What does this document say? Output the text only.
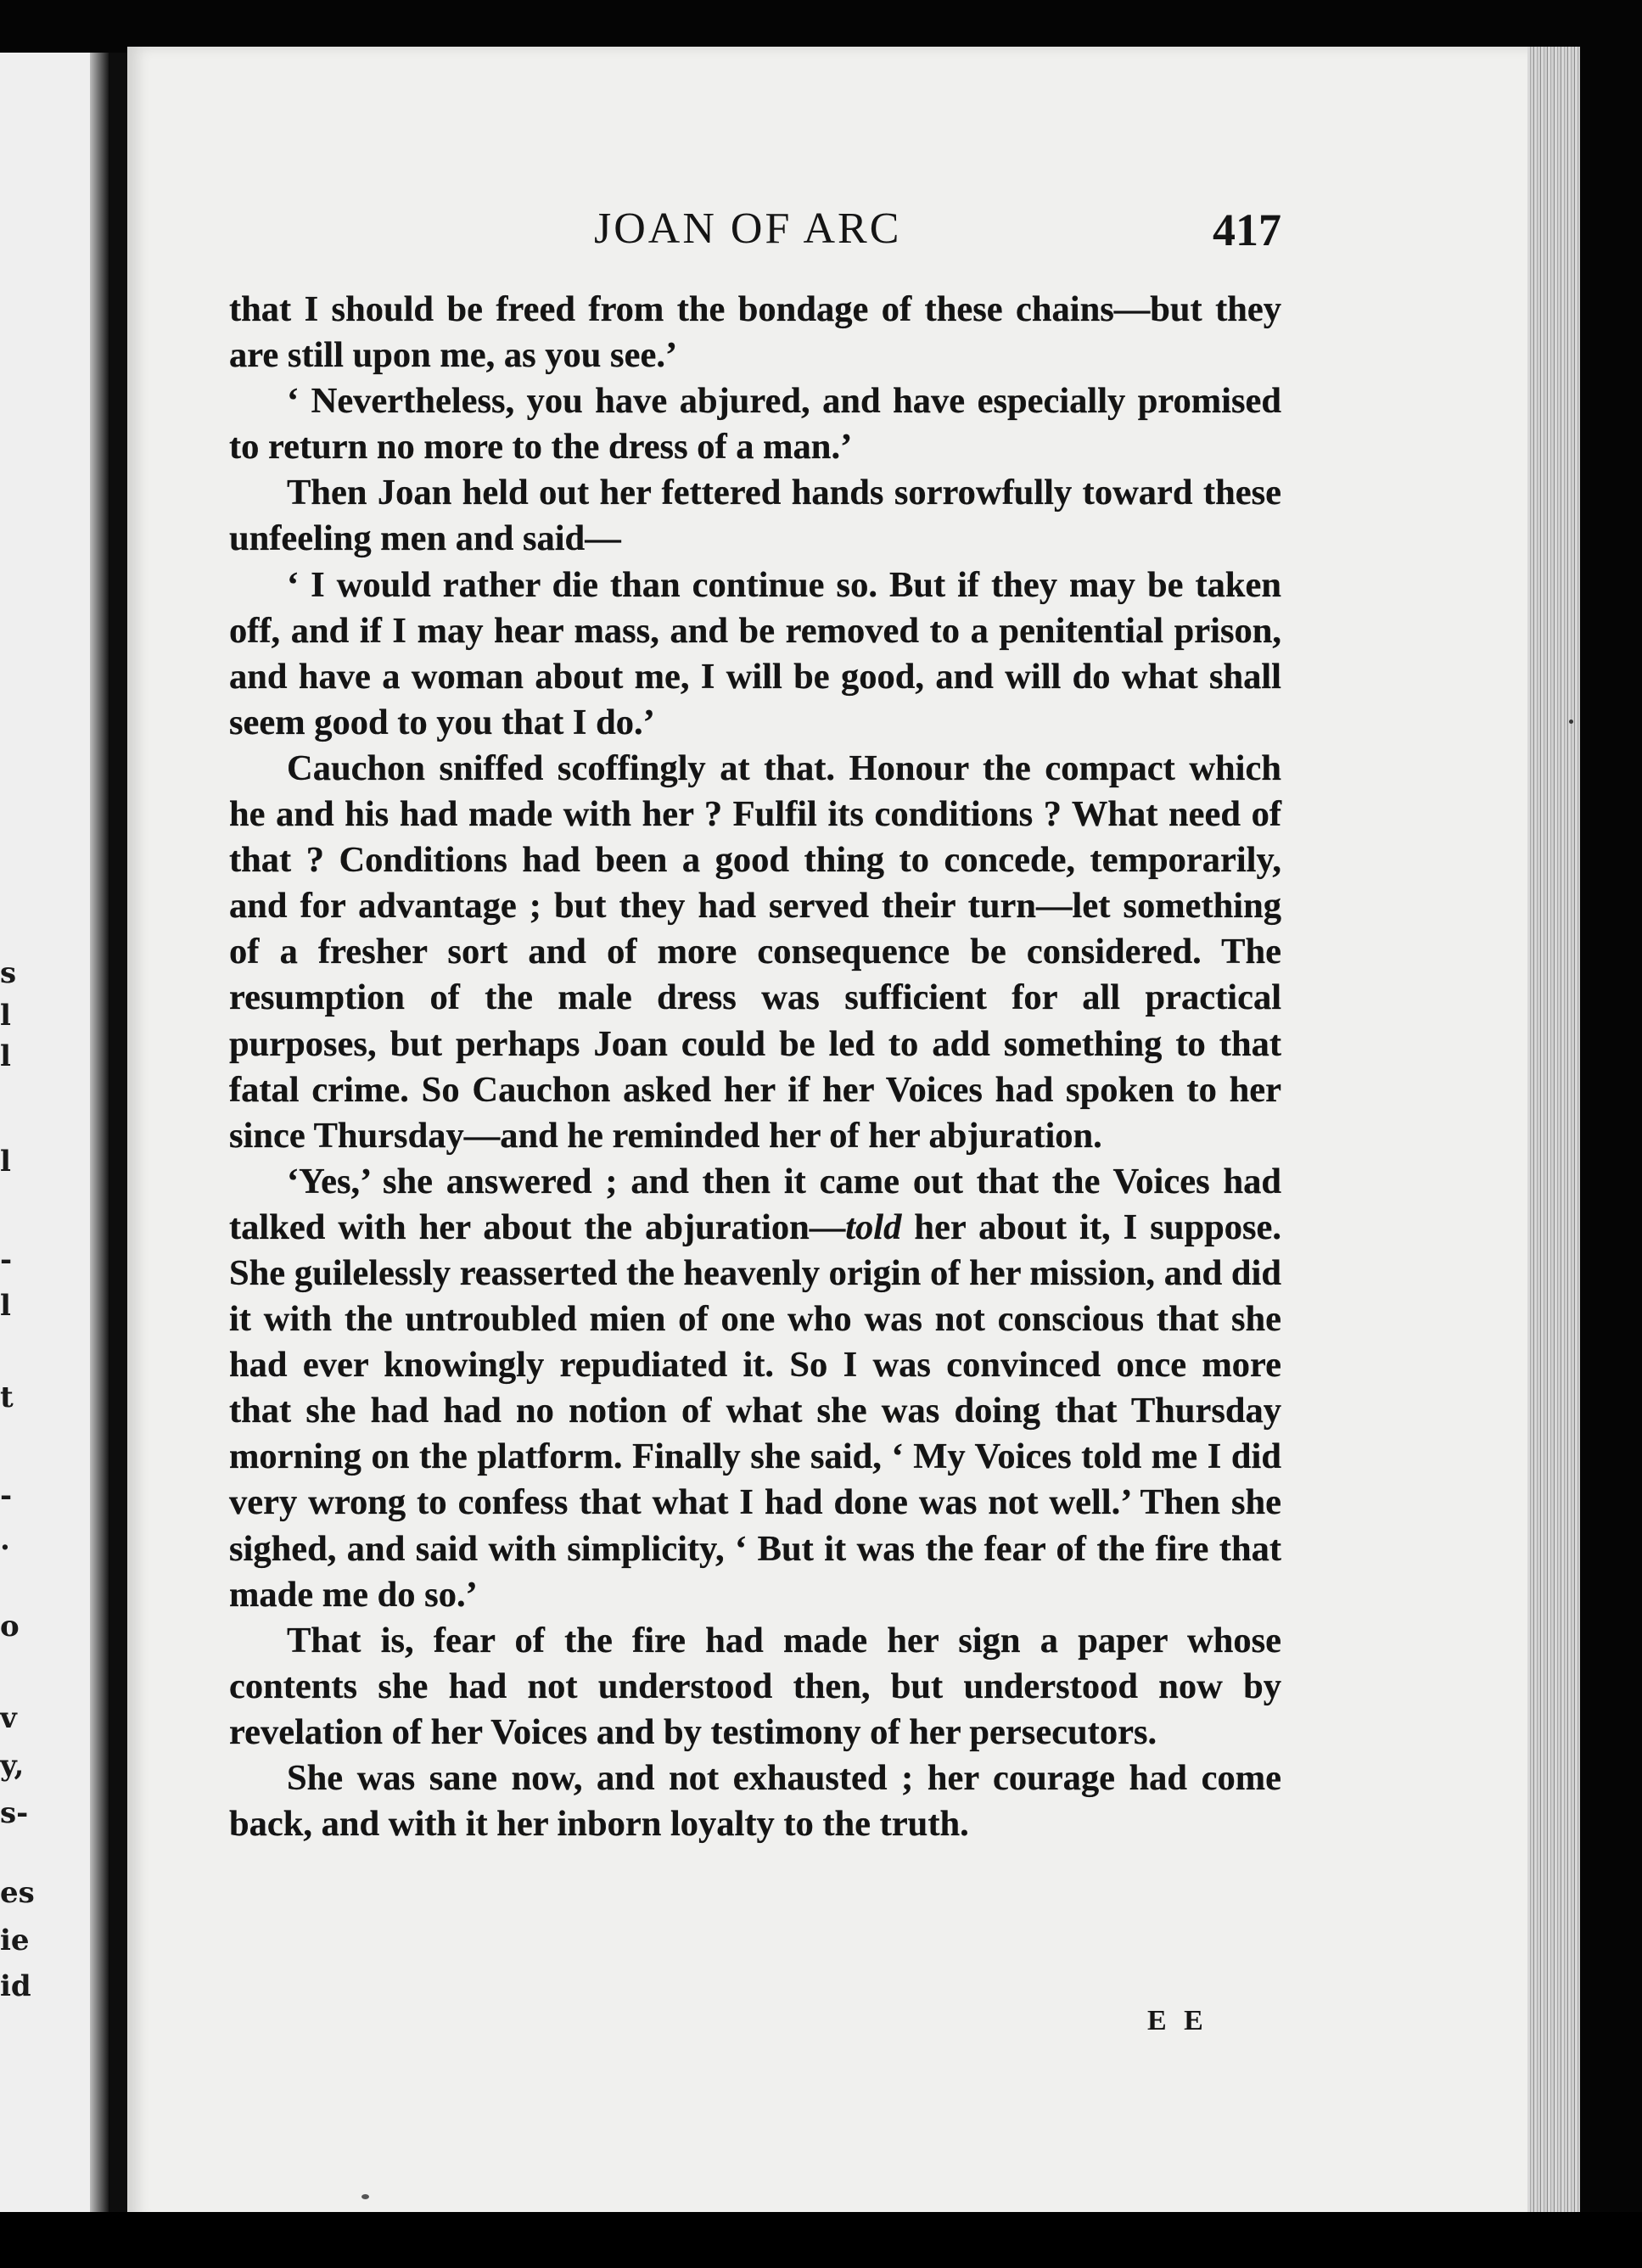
s
l
l
l
-
l
t
-
.
o
v
y,
s-
es
ie
id
JOAN OF ARC	417

that I should be freed from the bondage of these chains—but they are still upon me, as you see.’

‘ Nevertheless, you have abjured, and have especially promised to return no more to the dress of a man.’

Then Joan held out her fettered hands sorrowfully toward these unfeeling men and said—

‘ I would rather die than continue so. But if they may be taken off, and if I may hear mass, and be removed to a penitential prison, and have a woman about me, I will be good, and will do what shall seem good to you that I do.’

Cauchon sniffed scoffingly at that. Honour the compact which he and his had made with her ? Fulfil its conditions ? What need of that ? Conditions had been a good thing to concede, temporarily, and for advantage ; but they had served their turn—let something of a fresher sort and of more consequence be considered. The resumption of the male dress was sufficient for all practical purposes, but perhaps Joan could be led to add something to that fatal crime. So Cauchon asked her if her Voices had spoken to her since Thursday—and he reminded her of her abjuration.

‘Yes,’ she answered ; and then it came out that the Voices had talked with her about the abjuration—told her about it, I suppose. She guilelessly reasserted the heavenly origin of her mission, and did it with the untroubled mien of one who was not conscious that she had ever knowingly repudiated it. So I was convinced once more that she had had no notion of what she was doing that Thursday morning on the platform. Finally she said, ‘ My Voices told me I did very wrong to confess that what I had done was not well.’ Then she sighed, and said with simplicity, ‘ But it was the fear of the fire that made me do so.’

That is, fear of the fire had made her sign a paper whose contents she had not understood then, but understood now by revelation of her Voices and by testimony of her persecutors.

She was sane now, and not exhausted ; her courage had come back, and with it her inborn loyalty to the truth.

E E
